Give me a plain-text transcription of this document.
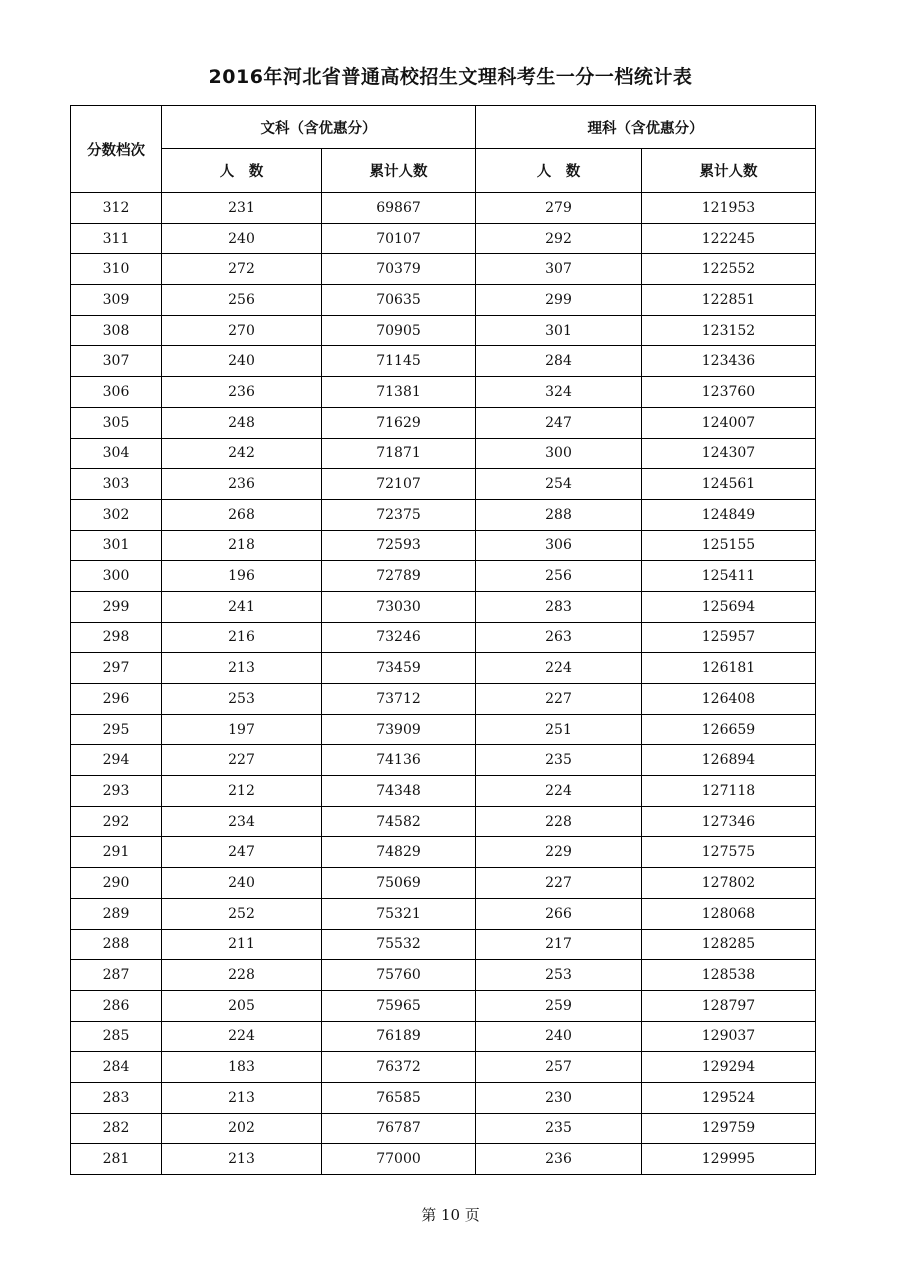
2016年河北省普通高校招生文理科考生一分一档统计表
分数档次	文科（含优惠分）		理科（含优惠分）	
	人　数	累计人数	人　数	累计人数
312	231	69867	279	121953
311	240	70107	292	122245
310	272	70379	307	122552
309	256	70635	299	122851
308	270	70905	301	123152
307	240	71145	284	123436
306	236	71381	324	123760
305	248	71629	247	124007
304	242	71871	300	124307
303	236	72107	254	124561
302	268	72375	288	124849
301	218	72593	306	125155
300	196	72789	256	125411
299	241	73030	283	125694
298	216	73246	263	125957
297	213	73459	224	126181
296	253	73712	227	126408
295	197	73909	251	126659
294	227	74136	235	126894
293	212	74348	224	127118
292	234	74582	228	127346
291	247	74829	229	127575
290	240	75069	227	127802
289	252	75321	266	128068
288	211	75532	217	128285
287	228	75760	253	128538
286	205	75965	259	128797
285	224	76189	240	129037
284	183	76372	257	129294
283	213	76585	230	129524
282	202	76787	235	129759
281	213	77000	236	129995
第 10 页
